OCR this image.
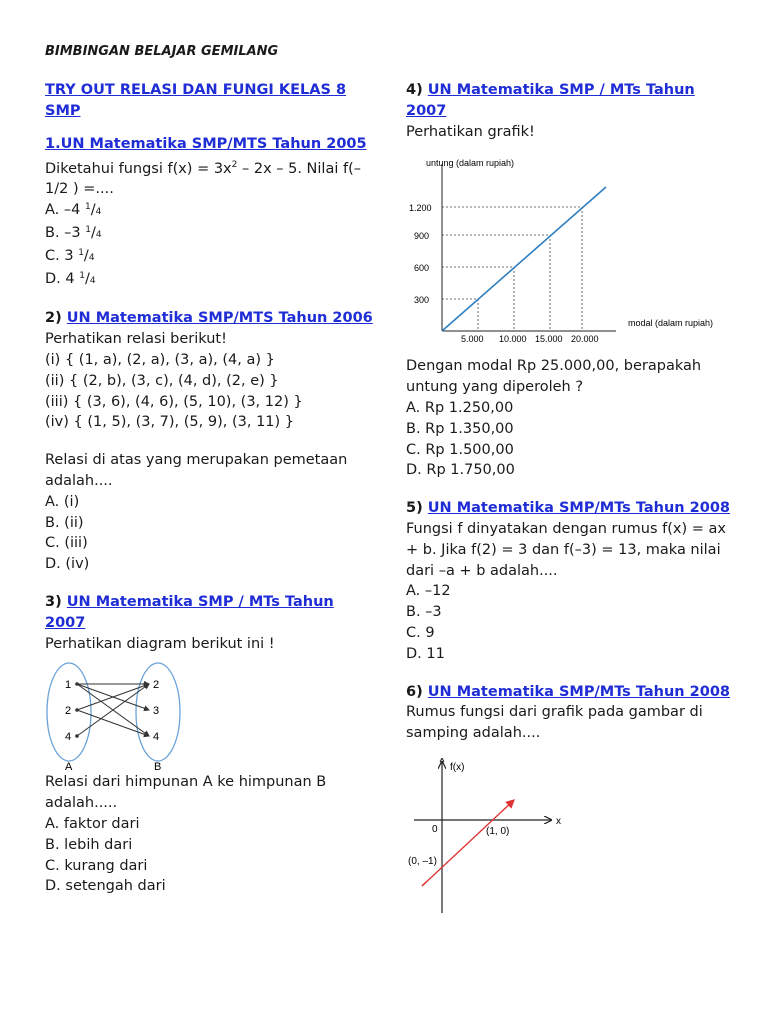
BIMBINGAN BELAJAR GEMILANG
TRY OUT RELASI DAN FUNGI KELAS 8 SMP
1.UN Matematika SMP/MTS Tahun 2005
Diketahui fungsi $f(x) = 3x^2 - 2x - 5$. Nilai f(– 1/2 ) =....
A. –4 $^1$/4
B. –3 $^1$/4
C. 3 $^1$/4
D. 4 $^1$/4
2) UN Matematika SMP/MTS Tahun 2006
Perhatikan relasi berikut!
(i) { (1, a), (2, a), (3, a), (4, a) }
(ii) { (2, b), (3, c), (4, d), (2, e) }
(iii) { (3, 6), (4, 6), (5, 10), (3, 12) }
(iv) { (1, 5), (3, 7), (5, 9), (3, 11) }
Relasi di atas yang merupakan pemetaan adalah....
A. (i)
B. (ii)
C. (iii)
D. (iv)
3) UN Matematika SMP / MTs Tahun 2007
Perhatikan diagram berikut ini !
1
2
4
2
3
4
A	B
Relasi dari himpunan A ke himpunan B adalah.....
A. faktor dari
B. lebih dari
C. kurang dari
D. setengah dari
4) UN Matematika SMP / MTs Tahun 2007
Perhatikan grafik!
untung (dalam rupiah)
modal (dalam rupiah)
1.200
900
600
300
5.000 10.000 15.000 20.000
Dengan modal Rp 25.000,00, berapakah untung yang diperoleh ?
A. Rp 1.250,00
B. Rp 1.350,00
C. Rp 1.500,00
D. Rp 1.750,00
5) UN Matematika SMP/MTs Tahun 2008
Fungsi f dinyatakan dengan rumus f(x) = ax + b. Jika f(2) = 3 dan f(–3) = 13, maka nilai dari –a + b adalah....
A. –12
B. –3
C. 9
D. 11
6) UN Matematika SMP/MTs Tahun 2008
Rumus fungsi dari grafik pada gambar di samping adalah....
f(x)
x
0	(1, 0)
(0, –1)
